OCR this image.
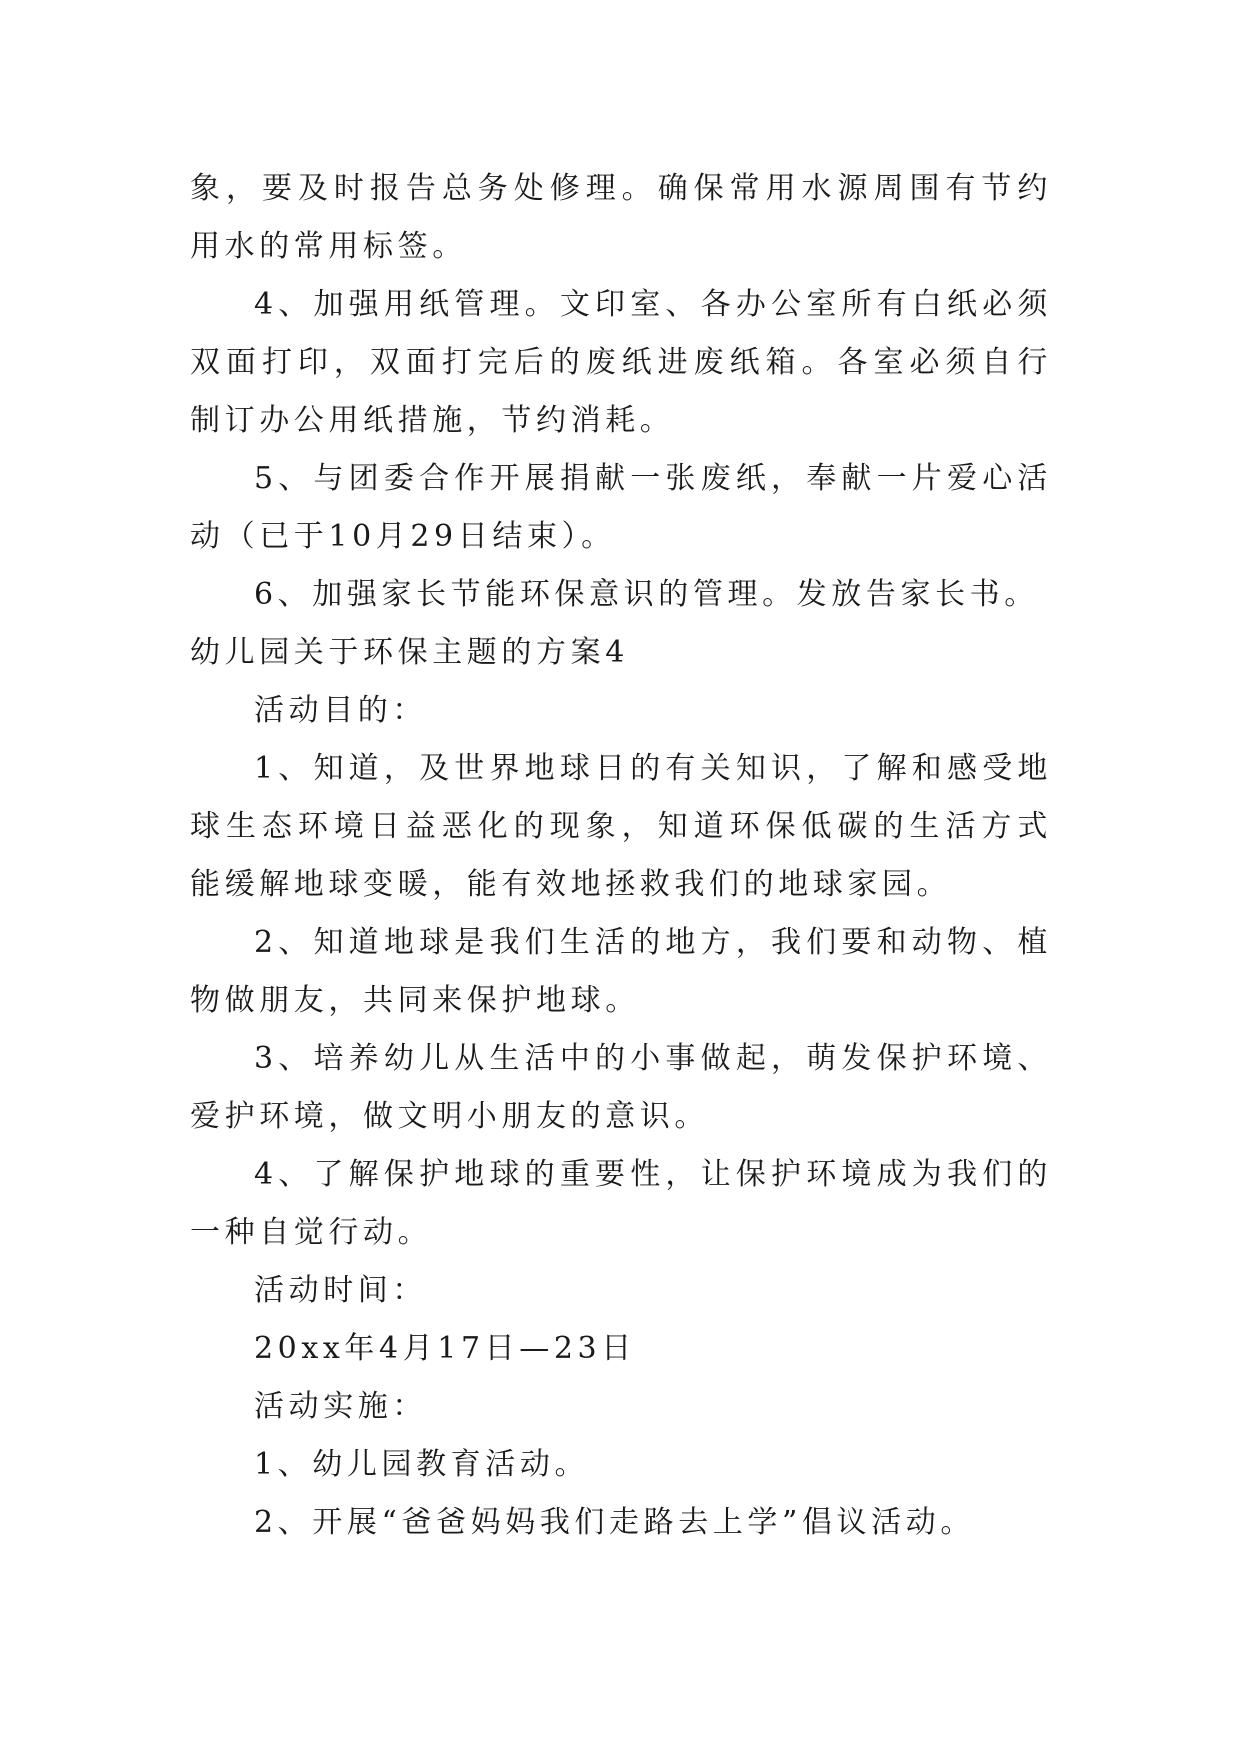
象，要及时报告总务处修理。确保常用水源周围有节约用水的常用标签。

4、加强用纸管理。文印室、各办公室所有白纸必须双面打印，双面打完后的废纸进废纸箱。各室必须自行制订办公用纸措施，节约消耗。

5、与团委合作开展捐献一张废纸，奉献一片爱心活动（已于10月29日结束）。

6、加强家长节能环保意识的管理。发放告家长书。

幼儿园关于环保主题的方案4

活动目的：

1、知道，及世界地球日的有关知识，了解和感受地球生态环境日益恶化的现象，知道环保低碳的生活方式能缓解地球变暖，能有效地拯救我们的地球家园。

2、知道地球是我们生活的地方，我们要和动物、植物做朋友，共同来保护地球。

3、培养幼儿从生活中的小事做起，萌发保护环境、爱护环境，做文明小朋友的意识。

4、了解保护地球的重要性，让保护环境成为我们的一种自觉行动。

活动时间：

20xx年4月17日—23日

活动实施：

1、幼儿园教育活动。

2、开展“爸爸妈妈我们走路去上学”倡议活动。
